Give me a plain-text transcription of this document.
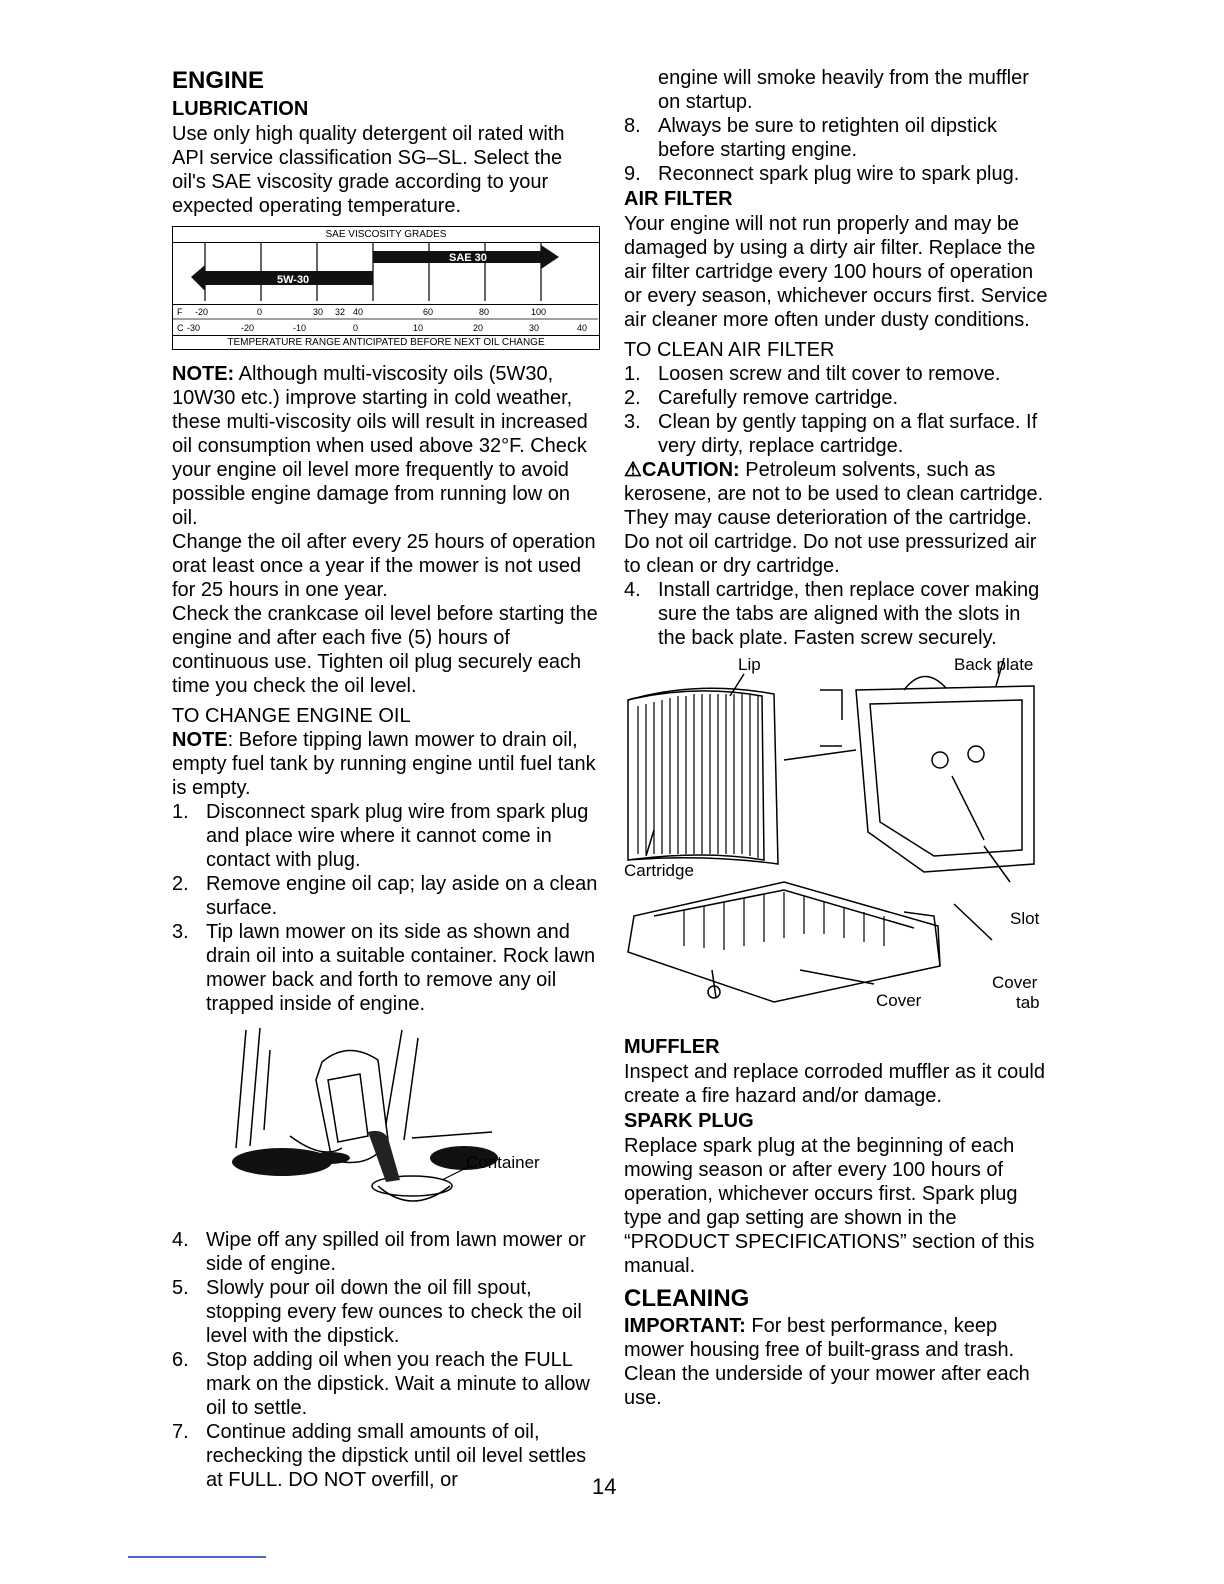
ENGINE
LUBRICATION

Use only high quality detergent oil rated with API service classification SG–SL. Select the oil's SAE viscosity grade according to your expected operating temperature.

SAE VISCOSITY GRADES
5W-30
SAE 30
F -20	0	30 32 40	60	80	100
C -30	-20	-10	0	10	20	30	40
TEMPERATURE RANGE ANTICIPATED BEFORE NEXT OIL CHANGE

NOTE: Although multi-viscosity oils (5W30, 10W30 etc.) improve starting in cold weather, these multi-viscosity oils will result in increased oil consumption when used above 32°F. Check your engine oil level more frequently to avoid possible engine damage from running low on oil.

Change the oil after every 25 hours of operation orat least once a year if the mower is not used for 25 hours in one year.

Check the crankcase oil level before starting the engine and after each five (5) hours of continuous use. Tighten oil plug securely each time you check the oil level.

TO CHANGE ENGINE OIL

NOTE: Before tipping lawn mower to drain oil, empty fuel tank by running engine until fuel tank is empty.

1. Disconnect spark plug wire from spark plug and place wire where it cannot come in contact with plug.
2. Remove engine oil cap; lay aside on a clean surface.
3. Tip lawn mower on its side as shown and drain oil into a suitable container. Rock lawn mower back and forth to remove any oil trapped inside of engine.
Container
4. Wipe off any spilled oil from lawn mower or side of engine.
5. Slowly pour oil down the oil fill spout, stopping every few ounces to check the oil level with the dipstick.
6. Stop adding oil when you reach the FULL mark on the dipstick. Wait a minute to allow oil to settle.
7. Continue adding small amounts of oil, rechecking the dipstick until oil level settles at FULL. DO NOT overfill, or

engine will smoke heavily from the muffler on startup.

8. Always be sure to retighten oil dipstick before starting engine.
9. Reconnect spark plug wire to spark plug.
AIR FILTER

Your engine will not run properly and may be damaged by using a dirty air filter. Replace the air filter cartridge every 100 hours of operation or every season, whichever occurs first. Service air cleaner more often under dusty conditions.

TO CLEAN AIR FILTER

1. Loosen screw and tilt cover to remove.
2. Carefully remove cartridge.
3. Clean by gently tapping on a flat surface. If very dirty, replace cartridge.

⚠CAUTION: Petroleum solvents, such as kerosene, are not to be used to clean cartridge. They may cause deterioration of the cartridge. Do not oil cartridge. Do not use pressurized air to clean or dry cartridge.

4. Install cartridge, then replace cover making sure the tabs are aligned with the slots in the back plate. Fasten screw securely.
Lip	Back plate
Cartridge
Slot
Cover
Cover
tab
MUFFLER

Inspect and replace corroded muffler as it could create a fire hazard and/or damage.

SPARK PLUG

Replace spark plug at the beginning of each mowing season or after every 100 hours of operation, whichever occurs first. Spark plug type and gap setting are shown in the “PRODUCT SPECIFICATIONS” section of this manual.

CLEANING

IMPORTANT: For best performance, keep mower housing free of built-grass and trash. Clean the underside of your mower after each use.

14
